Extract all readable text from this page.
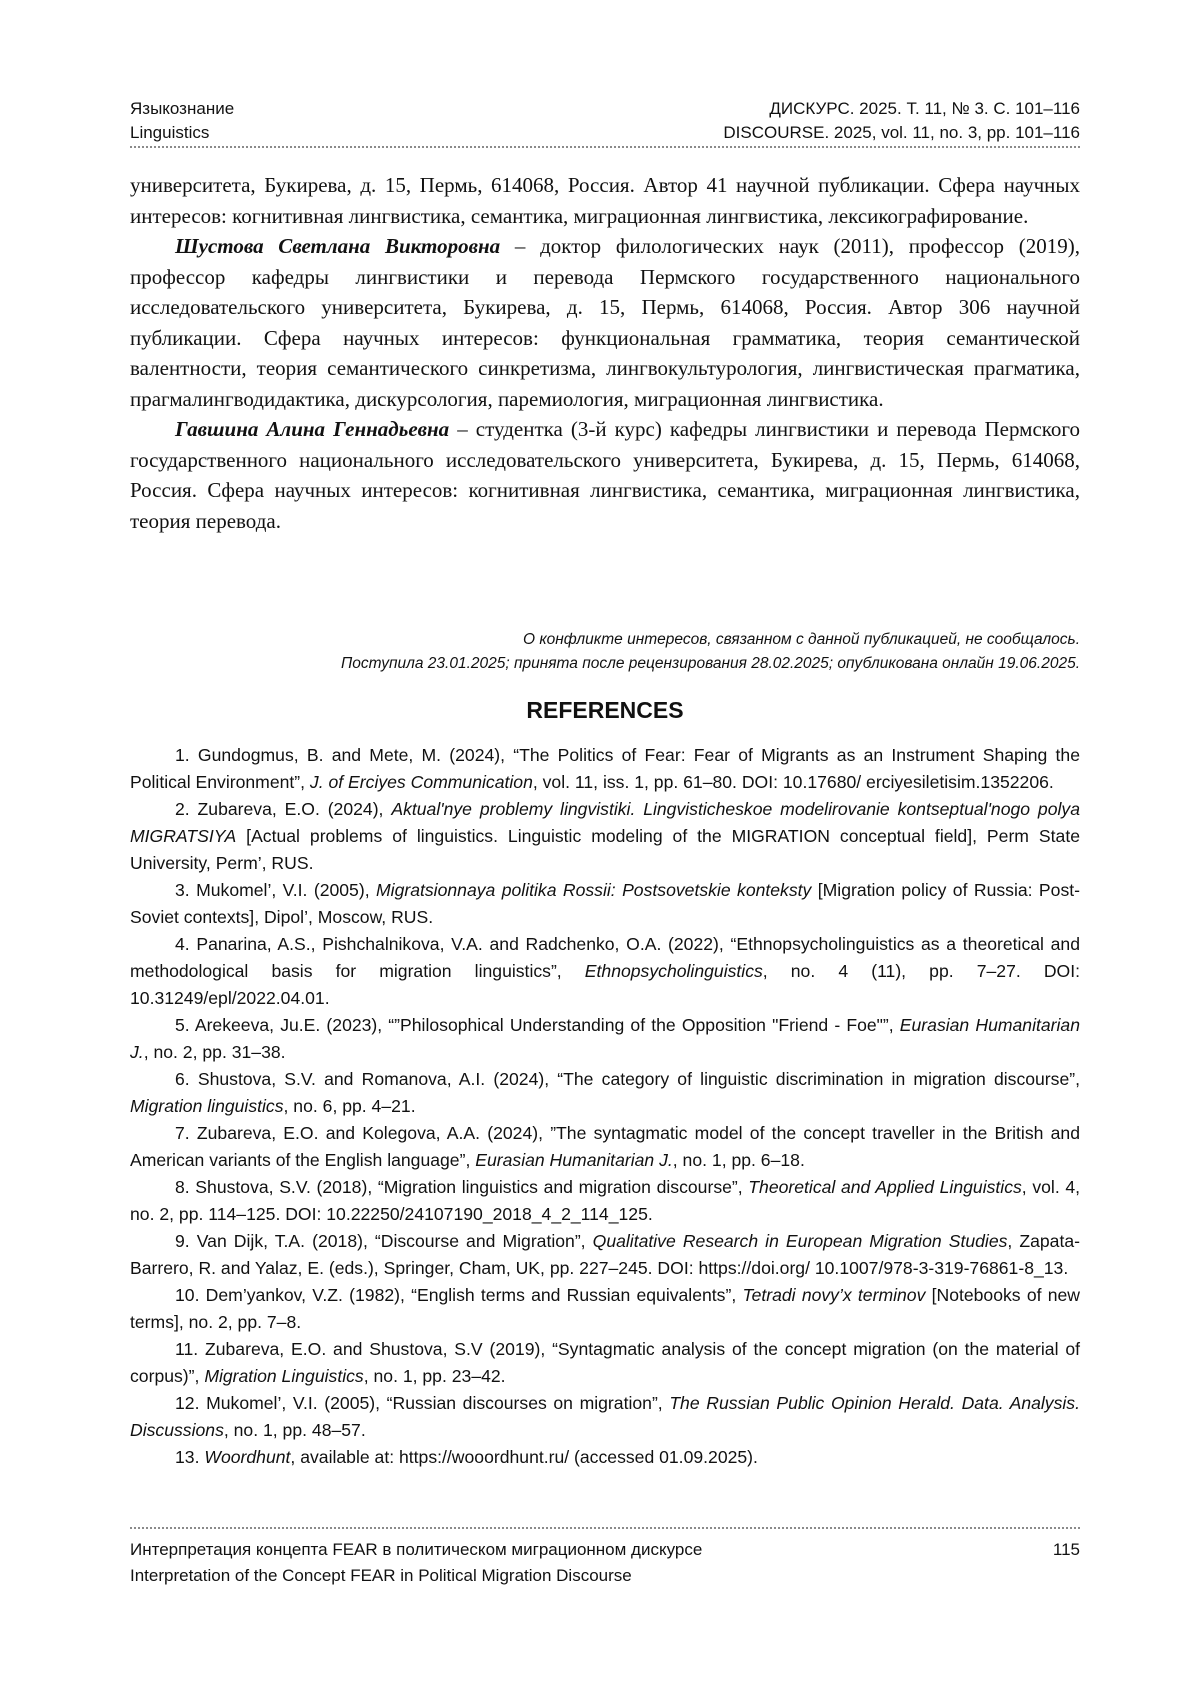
Языкознание	ДИСКУРС. 2025. Т. 11, № 3. С. 101–116
Linguistics	DISCOURSE. 2025, vol. 11, no. 3, pp. 101–116

университета, Букирева, д. 15, Пермь, 614068, Россия. Автор 41 научной публикации. Сфера научных интересов: когнитивная лингвистика, семантика, миграционная лингвистика, лексикографирование.

Шустова Светлана Викторовна – доктор филологических наук (2011), профессор (2019), профессор кафедры лингвистики и перевода Пермского государственного национального исследовательского университета, Букирева, д. 15, Пермь, 614068, Россия. Автор 306 научной публикации. Сфера научных интересов: функциональная грамматика, теория семантической валентности, теория семантического синкретизма, лингвокультурология, лингвистическая прагматика, прагмалингводидактика, дискурсология, паремиология, миграционная лингвистика.

Гавшина Алина Геннадьевна – студентка (3-й курс) кафедры лингвистики и перевода Пермского государственного национального исследовательского университета, Букирева, д. 15, Пермь, 614068, Россия. Сфера научных интересов: когнитивная лингвистика, семантика, миграционная лингвистика, теория перевода.

О конфликте интересов, связанном с данной публикацией, не сообщалось.
Поступила 23.01.2025; принята после рецензирования 28.02.2025; опубликована онлайн 19.06.2025.
REFERENCES

1. Gundogmus, B. and Mete, M. (2024), “The Politics of Fear: Fear of Migrants as an Instrument Shaping the Political Environment”, J. of Erciyes Communication, vol. 11, iss. 1, pp. 61–80. DOI: 10.17680/ erciyesiletisim.1352206.

2. Zubareva, E.O. (2024), Aktual'nye problemy lingvistiki. Lingvisticheskoe modelirovanie kontseptual'nogo polya MIGRATSIYA [Actual problems of linguistics. Linguistic modeling of the MIGRATION conceptual field], Perm State University, Perm’, RUS.

3. Mukomel’, V.I. (2005), Migratsionnaya politika Rossii: Postsovetskie konteksty [Migration policy of Russia: Post-Soviet contexts], Dipol’, Moscow, RUS.

4. Panarina, A.S., Pishchalnikova, V.A. and Radchenko, O.A. (2022), “Ethnopsycholinguistics as a theoretical and methodological basis for migration linguistics”, Ethnopsycholinguistics, no. 4 (11), pp. 7–27. DOI: 10.31249/epl/2022.04.01.

5. Arekeeva, Ju.E. (2023), “”Philosophical Understanding of the Opposition "Friend - Foe"”, Eurasian Humanitarian J., no. 2, pp. 31–38.

6. Shustova, S.V. and Romanova, A.I. (2024), “The category of linguistic discrimination in migration discourse”, Migration linguistics, no. 6, pp. 4–21.

7. Zubareva, E.O. and Kolegova, A.A. (2024), ”The syntagmatic model of the concept traveller in the British and American variants of the English language”, Eurasian Humanitarian J., no. 1, pp. 6–18.

8. Shustova, S.V. (2018), “Migration linguistics and migration discourse”, Theoretical and Applied Linguistics, vol. 4, no. 2, pp. 114–125. DOI: 10.22250/24107190_2018_4_2_114_125.

9. Van Dijk, T.A. (2018), “Discourse and Migration”, Qualitative Research in European Migration Studies, Zapata-Barrero, R. and Yalaz, E. (eds.), Springer, Cham, UK, pp. 227–245. DOI: https://doi.org/ 10.1007/978-3-319-76861-8_13.

10. Dem’yankov, V.Z. (1982), “English terms and Russian equivalents”, Tetradi novy’x terminov [Notebooks of new terms], no. 2, pp. 7–8.

11. Zubareva, E.O. and Shustova, S.V (2019), “Syntagmatic analysis of the concept migration (on the material of corpus)”, Migration Linguistics, no. 1, pp. 23–42.

12. Mukomel’, V.I. (2005), “Russian discourses on migration”, The Russian Public Opinion Herald. Data. Analysis. Discussions, no. 1, pp. 48–57.

13. Woordhunt, available at: https://wooordhunt.ru/ (accessed 01.09.2025).

Интерпретация концепта FEAR в политическом миграционном дискурсе
Interpretation of the Concept FEAR in Political Migration Discourse
115
